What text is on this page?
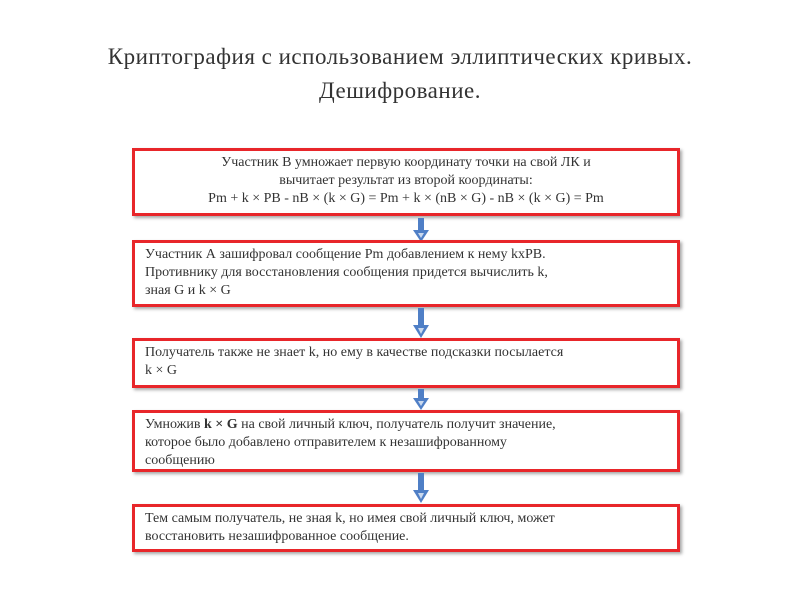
Криптография с использованием эллиптических кривых.
Дешифрование.
Участник B умножает первую координату точки на свой ЛК и
вычитает результат из второй координаты:
Pm + k × PB - nB × (k × G) = Pm + k × (nB × G) - nB × (k × G) = Pm
Участник А зашифровал сообщение Pm добавлением к нему kxPB.
Противнику для восстановления сообщения придется вычислить k,
зная G и k × G
Получатель также не знает k, но ему в качестве подсказки посылается
k × G
Умножив k × G на свой личный ключ, получатель получит значение,
которое было добавлено отправителем к незашифрованному
сообщению
Тем самым получатель, не зная k, но имея свой личный ключ, может
восстановить незашифрованное сообщение.
